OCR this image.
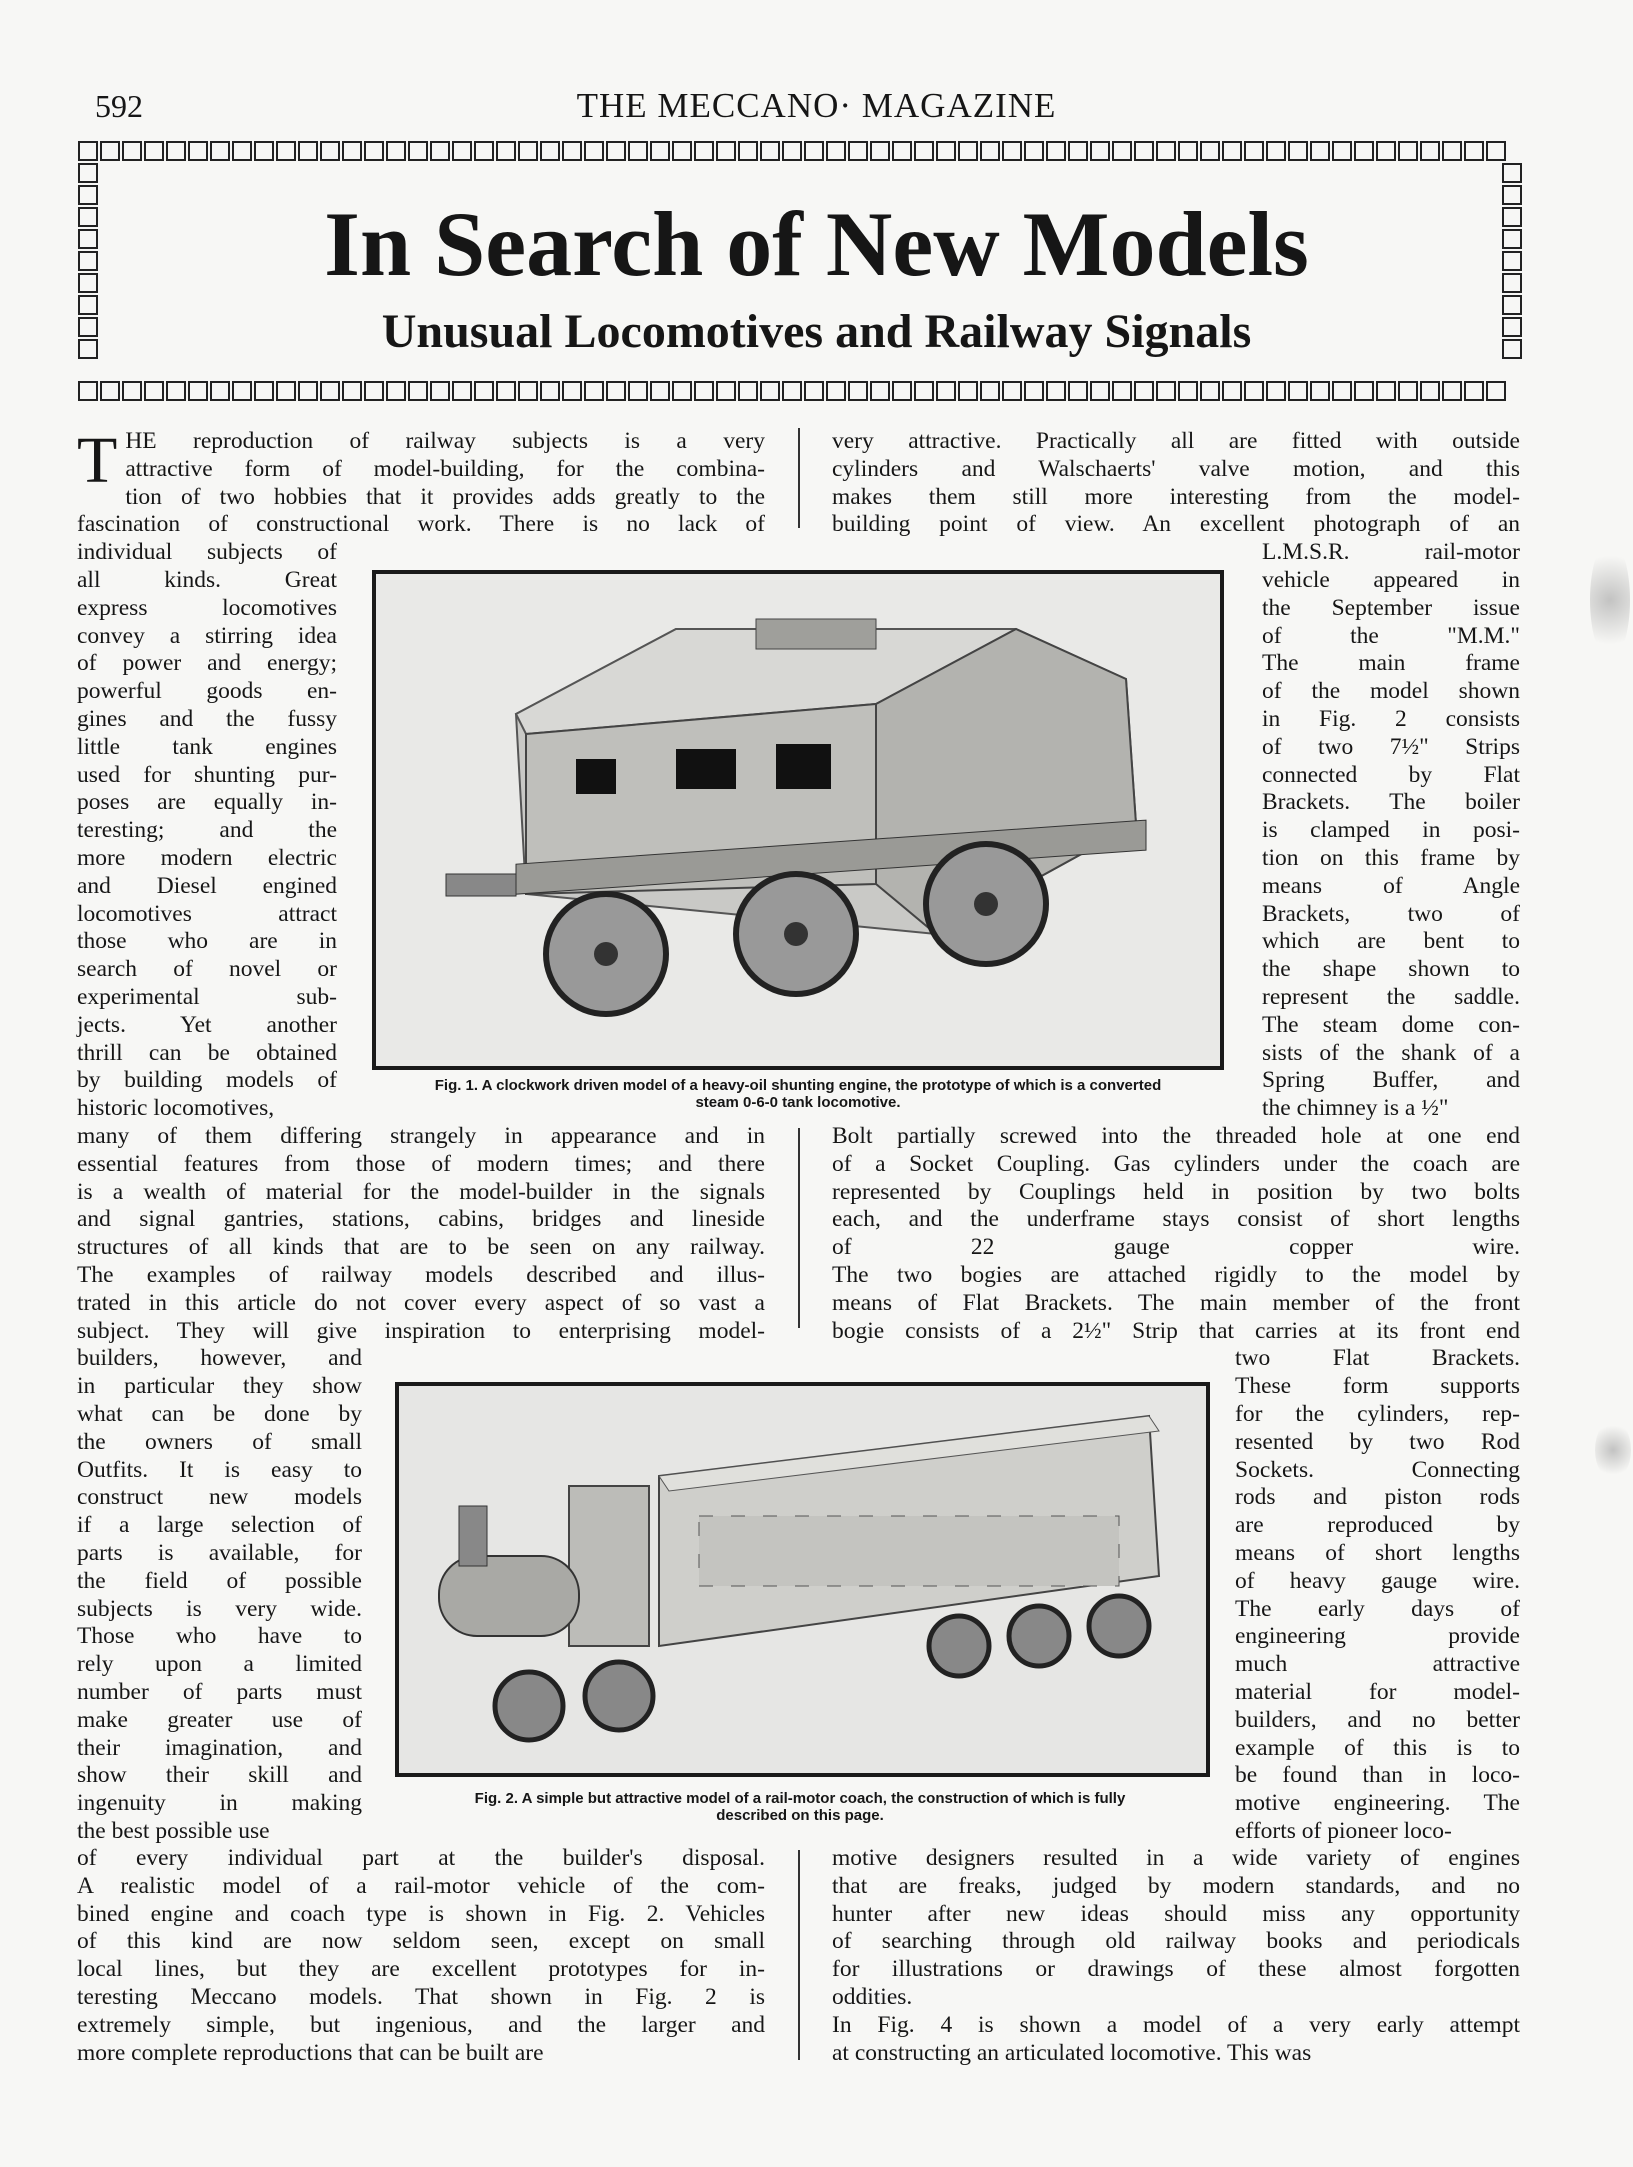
592	THE MECCANO· MAGAZINE
In Search of New Models
Unusual Locomotives and Railway Signals
T HE reproduction of railway subjects is a very
attractive form of model-building, for the combina-
tion of two hobbies that it provides adds greatly to the
fascination of constructional work. There is no lack of
individual subjects of
all kinds. Great
express locomotives
convey a stirring idea
of power and energy;
powerful goods en-
gines and the fussy
little tank engines
used for shunting pur-
poses are equally in-
teresting; and the
more modern electric
and Diesel engined
locomotives attract
those who are in
search of novel or
experimental sub-
jects. Yet another
thrill can be obtained
by building models of
historic locomotives,
many of them differing strangely in appearance and in
essential features from those of modern times; and there
is a wealth of material for the model-builder in the signals
and signal gantries, stations, cabins, bridges and lineside
structures of all kinds that are to be seen on any railway.
The examples of railway models described and illus-
trated in this article do not cover every aspect of so vast a
subject. They will give inspiration to enterprising model-
builders, however, and
in particular they show
what can be done by
the owners of small
Outfits. It is easy to
construct new models
if a large selection of
parts is available, for
the field of possible
subjects is very wide.
Those who have to
rely upon a limited
number of parts must
make greater use of
their imagination, and
show their skill and
ingenuity in making
the best possible use
of every individual part at the builder's disposal.
A realistic model of a rail-motor vehicle of the com-
bined engine and coach type is shown in Fig. 2. Vehicles
of this kind are now seldom seen, except on small
local lines, but they are excellent prototypes for in-
teresting Meccano models. That shown in Fig. 2 is
extremely simple, but ingenious, and the larger and
more complete reproductions that can be built are
very attractive. Practically all are fitted with outside
cylinders and Walschaerts' valve motion, and this
makes them still more interesting from the model-
building point of view. An excellent photograph of an
L.M.S.R. rail-motor
vehicle appeared in
the September issue
of the "M.M."
The main frame
of the model shown
in Fig. 2 consists
of two 7½" Strips
connected by Flat
Brackets. The boiler
is clamped in posi-
tion on this frame by
means of Angle
Brackets, two of
which are bent to
the shape shown to
represent the saddle.
The steam dome con-
sists of the shank of a
Spring Buffer, and
the chimney is a ½"
Bolt partially screwed into the threaded hole at one end
of a Socket Coupling. Gas cylinders under the coach are
represented by Couplings held in position by two bolts
each, and the underframe stays consist of short lengths
of 22 gauge copper wire.
The two bogies are attached rigidly to the model by
means of Flat Brackets. The main member of the front
bogie consists of a 2½" Strip that carries at its front end
two Flat Brackets.
These form supports
for the cylinders, rep-
resented by two Rod
Sockets. Connecting
rods and piston rods
are reproduced by
means of short lengths
of heavy gauge wire.
The early days of
engineering provide
much attractive
material for model-
builders, and no better
example of this is to
be found than in loco-
motive engineering. The
efforts of pioneer loco-
motive designers resulted in a wide variety of engines
that are freaks, judged by modern standards, and no
hunter after new ideas should miss any opportunity
of searching through old railway books and periodicals
for illustrations or drawings of these almost forgotten
oddities.
In Fig. 4 is shown a model of a very early attempt
at constructing an articulated locomotive. This was
Fig. 1. A clockwork driven model of a heavy-oil shunting engine, the prototype of which is a converted
steam 0-6-0 tank locomotive.
Fig. 2. A simple but attractive model of a rail-motor coach, the construction of which is fully
described on this page.
